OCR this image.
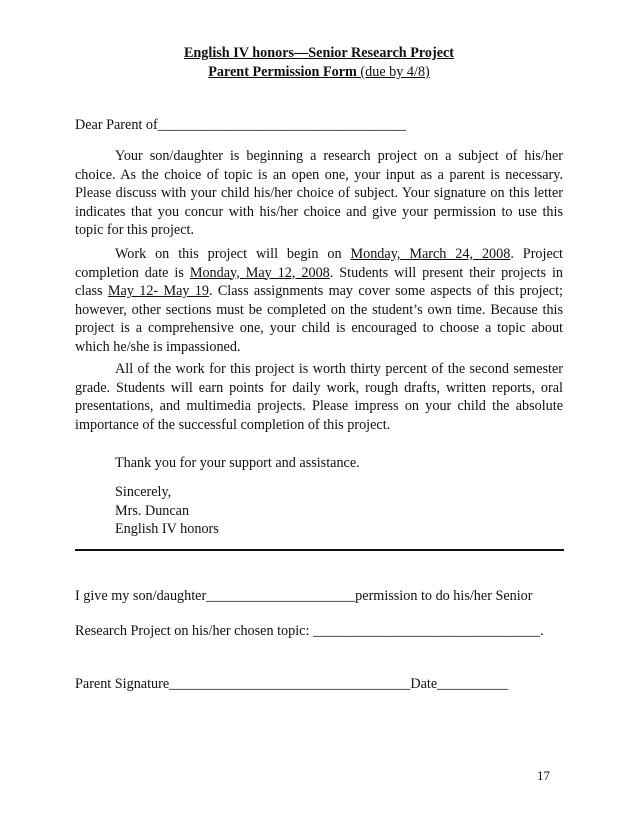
English IV honors—Senior Research Project
Parent Permission Form (due by 4/8)
Dear Parent of___________________________________

Your son/daughter is beginning a research project on a subject of his/her choice. As the choice of topic is an open one, your input as a parent is necessary. Please discuss with your child his/her choice of subject. Your signature on this letter indicates that you concur with his/her choice and give your permission to use this topic for this project.

Work on this project will begin on Monday, March 24, 2008. Project completion date is Monday, May 12, 2008. Students will present their projects in class May 12- May 19. Class assignments may cover some aspects of this project; however, other sections must be completed on the student’s own time. Because this project is a comprehensive one, your child is encouraged to choose a topic about which he/she is impassioned.

All of the work for this project is worth thirty percent of the second semester grade. Students will earn points for daily work, rough drafts, written reports, oral presentations, and multimedia projects. Please impress on your child the absolute importance of the successful completion of this project.

Thank you for your support and assistance.
Sincerely,
Mrs. Duncan
English IV honors
I give my son/daughter_____________________permission to do his/her Senior
Research Project on his/her chosen topic: ________________________________.
Parent Signature__________________________________Date__________
17
